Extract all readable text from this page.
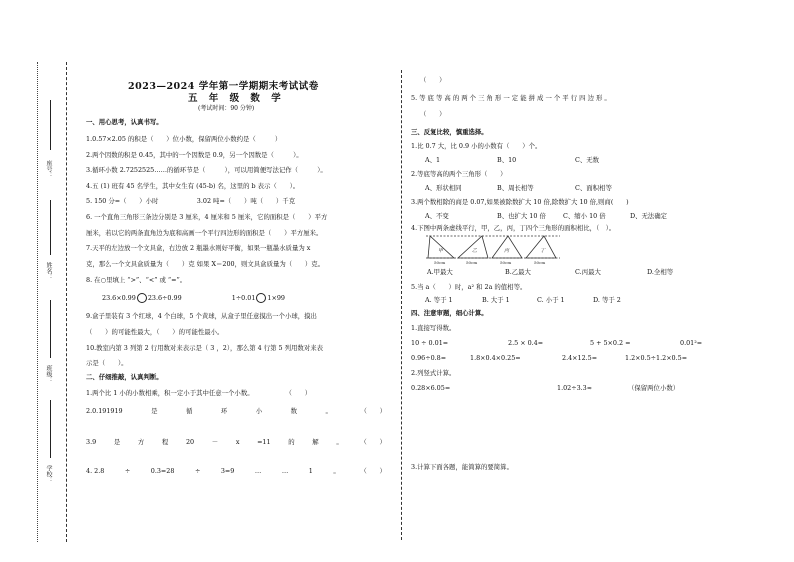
座号：
姓名：
班级：
学校：
2023—2024 学年第一学期期末考试试卷
五 年 级 数 学
(考试时间：90 分钟)
一、用心思考，认真书写。
1.0.57×2.05 的积是（　　）位小数，保留两位小数约是（　　　）
2.两个因数的积是 0.45，其中的一个因数是 0.9，另一个因数是（　　　）。
3.循环小数 2.7252525……的循环节是（　　　），可以用简便写法记作（　　　）。
4.五 (1) 班有 45 名学生，其中女生有 (45-b) 名，这里的 b 表示（　　）。
5. 150 分=（　　）小时　　　　　　3.02 吨=（　　）吨（　　）千克
6. 一个直角三角形三条边分别是 3 厘米，4 厘米和 5 厘米，它的面积是（　　）平方
厘米，若以它的两条直角边为底和高画一个平行四边形的面积是（　　）平方厘米。
7.天平的左边放一个文具盒，右边放 2 瓶墨水则好平衡，如果一瓶墨水质量为 x
克，那么一个文具盒质量为（　　）克 如果 X＝200，则文具盒质量为（　　）克。
8. 在○里填上 “>”、“<” 或 “=”。
23.6×0.99 23.6÷0.99	1÷0.01 1×99
9.盒子里装有 3 个红球，4 个白球，5 个黄球，从盒子里任意摸出一个小球，摸出
（　　）的可能性最大，（　　）的可能性最小。
10.教室内第 3 列第 2 行用数对来表示是（ 3 ，2），那么第 4 行第 5 列用数对来表
示是（　　）。
二、仔细推敲，认真判断。
1.两个比 1 小的小数相乘，积一定小于其中任意一个小数。　　　　　　（　　）
2.0.191919	是	循	环	小	数	。	（　　）
3.9	是	方	程	20	－	x	=11	的	解	。	（　　）
4. 2.8	÷	0.3=28	÷	3=9	…	…	1	。	（　　）
（　　）
5. 等 底 等 高 的 两 个 三 角 形 一 定 能 拼 成 一 个 平 行 四 边 形 。
（　　）
三、反复比较，慎重选择。
1.比 0.7 大，比 0.9 小的小数有（　　）个。
A、1	B、10	C、无数
2.等底等高的两个三角形（　　）
A、形状相同	B、周长相等	C、面积相等
3.两个数相除的商是 0.07,如果被除数扩大 10 倍,除数扩大 10 倍,则商(　　)
A、不变	B、也扩大 10 倍	C、缩小 10 倍	D、无法确定
4.下图中两条虚线平行，甲，乙，丙，丁四个三角形的面积相比，（　）。
甲	乙	丙	丁
50cm	50cm	50cm	50cm
A.甲最大	B.乙最大	C.丙最大	D.全相等
5.当 a（　　）时，a² 和 2a 的值相等。
A. 等于 1	B. 大于 1	C. 小于 1	D. 等于 2
四、注意审题，细心计算。
1.直接写得数。
10 ÷ 0.01=	2.5 × 0.4=	5 + 5×0.2 =	0.01²=
0.96÷0.8=	1.8×0.4×0.25=	2.4×12.5=	1.2×0.5÷1.2×0.5=
2.列竖式计算。
0.28×6.05=	1.02÷3.3≈	（保留两位小数）
3.计算下面各题，能简算的要简算。
